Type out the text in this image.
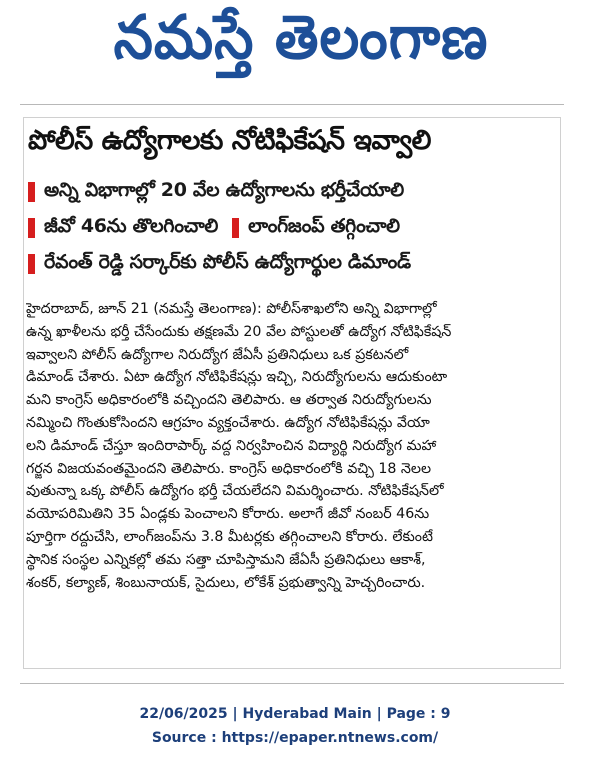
నమస్తే తెలంగాణ
పోలీస్ ఉద్యోగాలకు నోటిఫికేషన్ ఇవ్వాలి
అన్ని విభాగాల్లో 20 వేల ఉద్యోగాలను భర్తీచేయాలి
జీవో 46ను తొలగించాలి లాంగ్‌జంప్ తగ్గించాలి
రేవంత్ రెడ్డి సర్కార్‌కు పోలీస్ ఉద్యోగార్థుల డిమాండ్
హైదరాబాద్, జూన్ 21 (నమస్తే తెలంగాణ): పోలీస్‌శాఖలోని అన్ని విభాగాల్లో
ఉన్న ఖాళీలను భర్తీ చేసేందుకు తక్షణమే 20 వేల పోస్టులతో ఉద్యోగ నోటిఫికేషన్
ఇవ్వాలని పోలీస్ ఉద్యోగాల నిరుద్యోగ జేఏసీ ప్రతినిధులు ఒక ప్రకటనలో
డిమాండ్ చేశారు. ఏటా ఉద్యోగ నోటిఫికేషన్లు ఇచ్చి, నిరుద్యోగులను ఆదుకుంటా
మని కాంగ్రెస్ అధికారంలోకి వచ్చిందని తెలిపారు. ఆ తర్వాత నిరుద్యోగులను
నమ్మించి గొంతుకోసిందని ఆగ్రహం వ్యక్తంచేశారు. ఉద్యోగ నోటిఫికేషన్లు వేయా
లని డిమాండ్ చేస్తూ ఇందిరాపార్క్ వద్ద నిర్వహించిన విద్యార్థి నిరుద్యోగ మహా
గర్జన విజయవంతమైందని తెలిపారు. కాంగ్రెస్ అధికారంలోకి వచ్చి 18 నెలల
వుతున్నా ఒక్క పోలీస్ ఉద్యోగం భర్తీ చేయలేదని విమర్శించారు. నోటిఫికేషన్‌లో
వయోపరిమితిని 35 ఏండ్లకు పెంచాలని కోరారు. అలాగే జీవో నంబర్ 46ను
పూర్తిగా రద్దుచేసి, లాంగ్‌జంప్‌ను 3.8 మీటర్లకు తగ్గించాలని కోరారు. లేకుంటే
స్థానిక సంస్థల ఎన్నికల్లో తమ సత్తా చూపిస్తామని జేఏసీ ప్రతినిధులు ఆకాశ్,
శంకర్, కల్యాణ్, శింబునాయక్, సైదులు, లోకేశ్ ప్రభుత్వాన్ని హెచ్చరించారు.
22/06/2025 | Hyderabad Main | Page : 9
Source : https://epaper.ntnews.com/
